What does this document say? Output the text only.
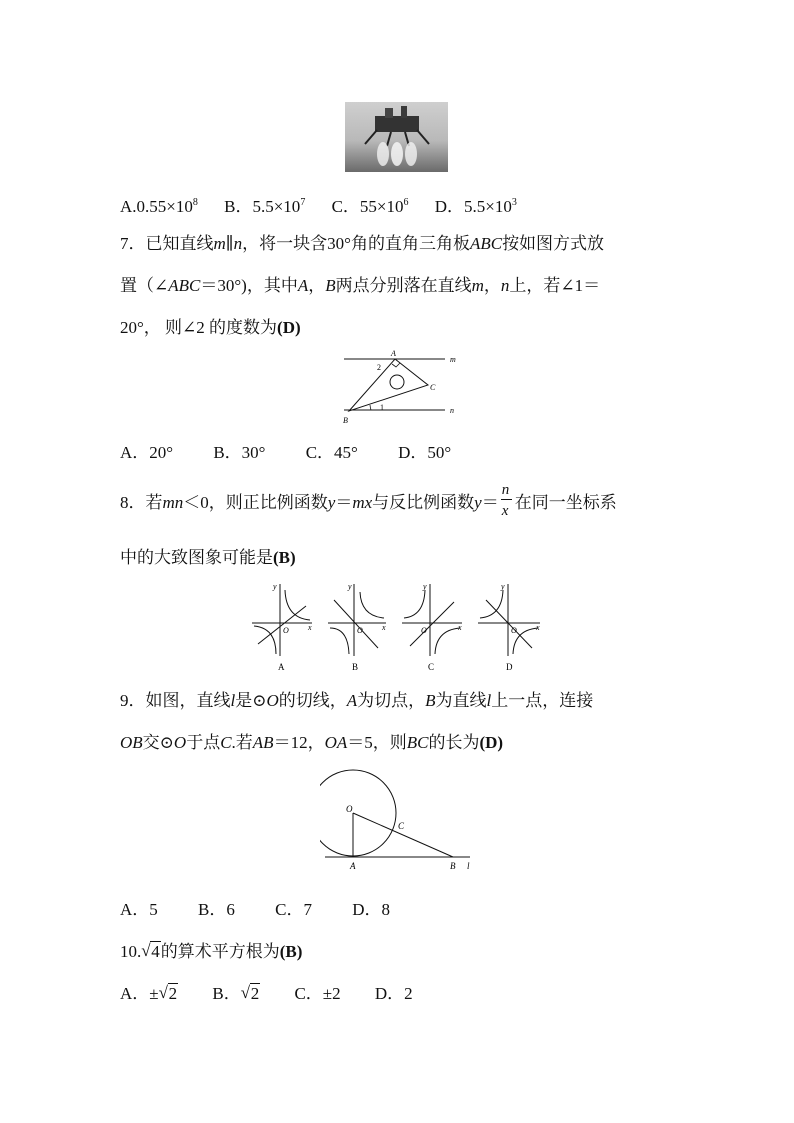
$A.0.55\times 10^8$ B．$5.5\times 10^7$ C．$55\times 10^6$ D．$5.5\times 10^3$
7．已知直线m∥n，将一块含30°角的直角三角板ABC按如图方式放
置（∠ABC＝30°)，其中A，B两点分别落在直线m，n上，若∠1＝
20°， 则∠2 的度数为(D)
A
2
C
1
B
m
n
A．20° B．30° C．45° D．50°
8．若mn＜0，则正比例函数y＝mx与反比例函数$y= \frac{n}{x}$ 在同一坐标系
中的大致图象可能是(B)
y
x
O
A
y
x
O
B
y
x
O
C
y
x
O
D
9．如图，直线l是⊙O的切线，A为切点，B为直线l上一点，连接
OB交⊙O于点C.若AB＝12，OA＝5，则BC的长为(D)
O
C
A	B l
A．5 B．6 C．7 D．8
10. √ 4的算术平方根为(B)
A．± √ 2 B． √ 2 C．±2 D．2
